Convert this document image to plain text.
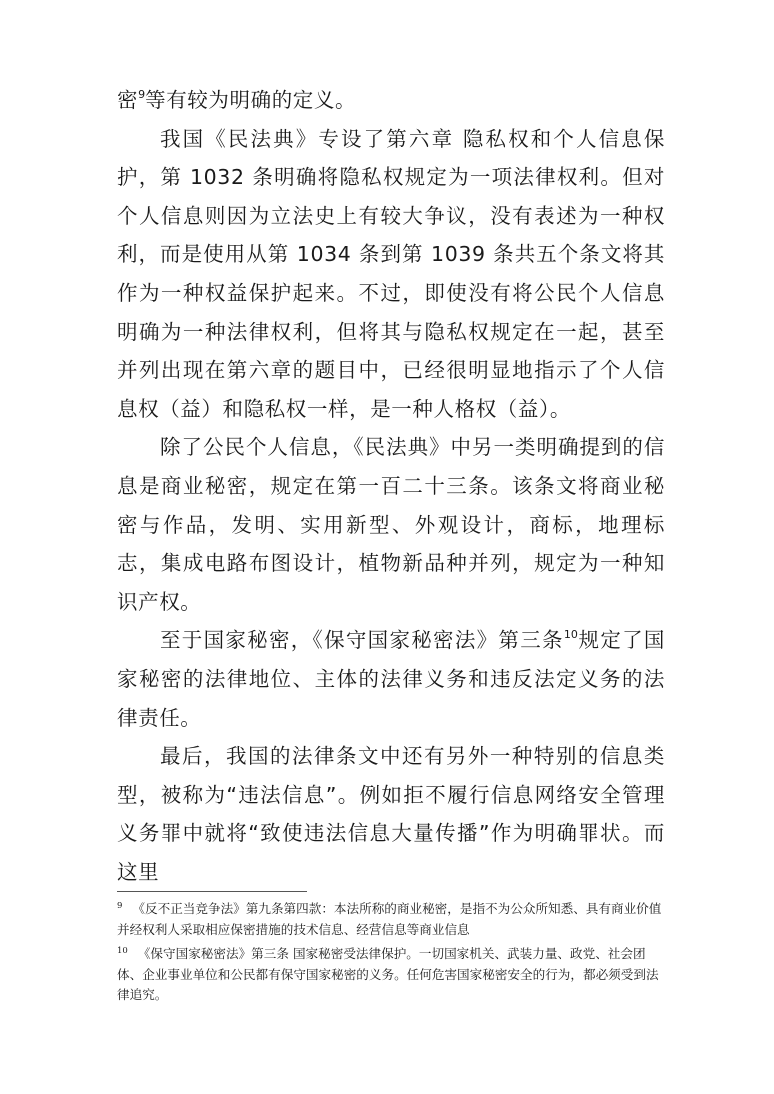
密$^9$等有较为明确的定义。

我国《民法典》专设了第六章 隐私权和个人信息保护，第 1032 条明确将隐私权规定为一项法律权利。但对个人信息则因为立法史上有较大争议，没有表述为一种权利，而是使用从第 1034 条到第 1039 条共五个条文将其作为一种权益保护起来。不过，即使没有将公民个人信息明确为一种法律权利，但将其与隐私权规定在一起，甚至并列出现在第六章的题目中，已经很明显地指示了个人信息权（益）和隐私权一样，是一种人格权（益）。

除了公民个人信息，《民法典》中另一类明确提到的信息是商业秘密，规定在第一百二十三条。该条文将商业秘密与作品，发明、实用新型、外观设计，商标，地理标志，集成电路布图设计，植物新品种并列，规定为一种知识产权。

至于国家秘密，《保守国家秘密法》第三条$^{10}$规定了国家秘密的法律地位、主体的法律义务和违反法定义务的法律责任。

最后，我国的法律条文中还有另外一种特别的信息类型，被称为“违法信息”。例如拒不履行信息网络安全管理义务罪中就将“致使违法信息大量传播”作为明确罪状。而这里

$^9$ 《反不正当竞争法》第九条第四款：本法所称的商业秘密，是指不为公众所知悉、具有商业价值并经权利人采取相应保密措施的技术信息、经营信息等商业信息

$^{10}$ 《保守国家秘密法》第三条 国家秘密受法律保护。一切国家机关、武装力量、政党、社会团体、企业事业单位和公民都有保守国家秘密的义务。任何危害国家秘密安全的行为，都必须受到法律追究。
